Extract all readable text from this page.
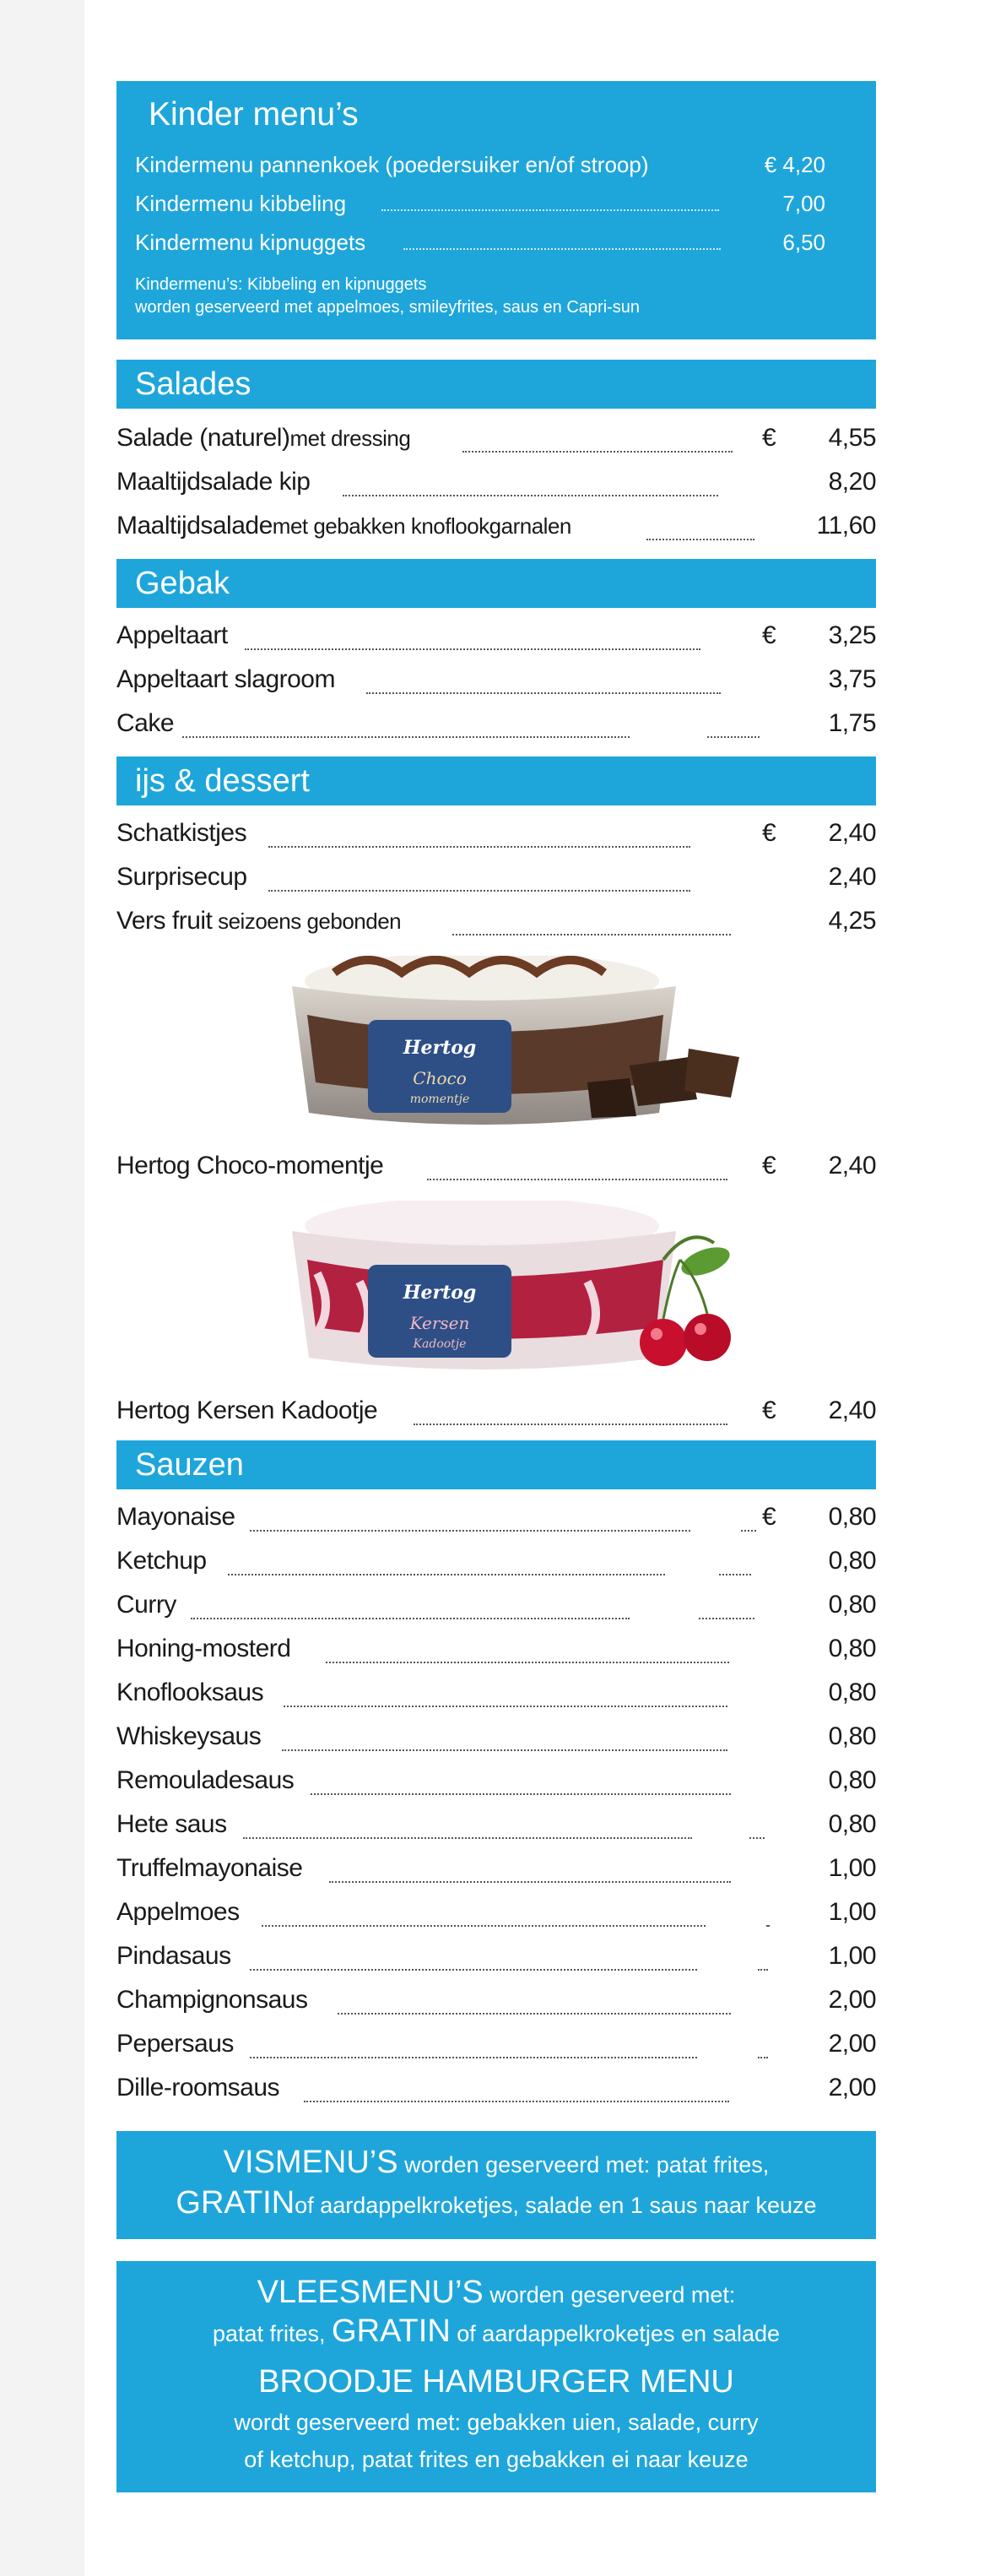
Kinder menu’s
Kindermenu pannenkoek (poedersuiker en/of stroop)	€ 4,20
Kindermenu kibbeling	7,00
Kindermenu kipnuggets	6,50
Kindermenu’s: Kibbeling en kipnuggets
worden geserveerd met appelmoes, smileyfrites, saus en Capri-sun
Salades
Salade (naturel)met dressing	€ 4,55
Maaltijdsalade kip	8,20
Maaltijdsalademet gebakken knoflookgarnalen	11,60
Gebak
Appeltaart	€ 3,25
Appeltaart slagroom	3,75
Cake	1,75
ijs & dessert
Schatkistjes	€ 2,40
Surprisecup	2,40
Vers fruit seizoens gebonden	4,25
Hertog
Choco
momentje
Hertog Choco-momentje	€ 2,40
Hertog
Kersen
Kadootje
Hertog Kersen Kadootje	€ 2,40
Sauzen
Mayonaise	€ 0,80
Ketchup	0,80
Curry	0,80
Honing-mosterd	0,80
Knoflooksaus	0,80
Whiskeysaus	0,80
Remouladesaus	0,80
Hete saus	0,80
Truffelmayonaise	1,00
Appelmoes	1,00
Pindasaus	1,00
Champignonsaus	2,00
Pepersaus	2,00
Dille-roomsaus	2,00
VISMENU’S worden geserveerd met: patat frites,
GRATINof aardappelkroketjes, salade en 1 saus naar keuze
VLEESMENU’S worden geserveerd met:
patat frites, GRATIN of aardappelkroketjes en salade
BROODJE HAMBURGER MENU
wordt geserveerd met: gebakken uien, salade, curry
of ketchup, patat frites en gebakken ei naar keuze
